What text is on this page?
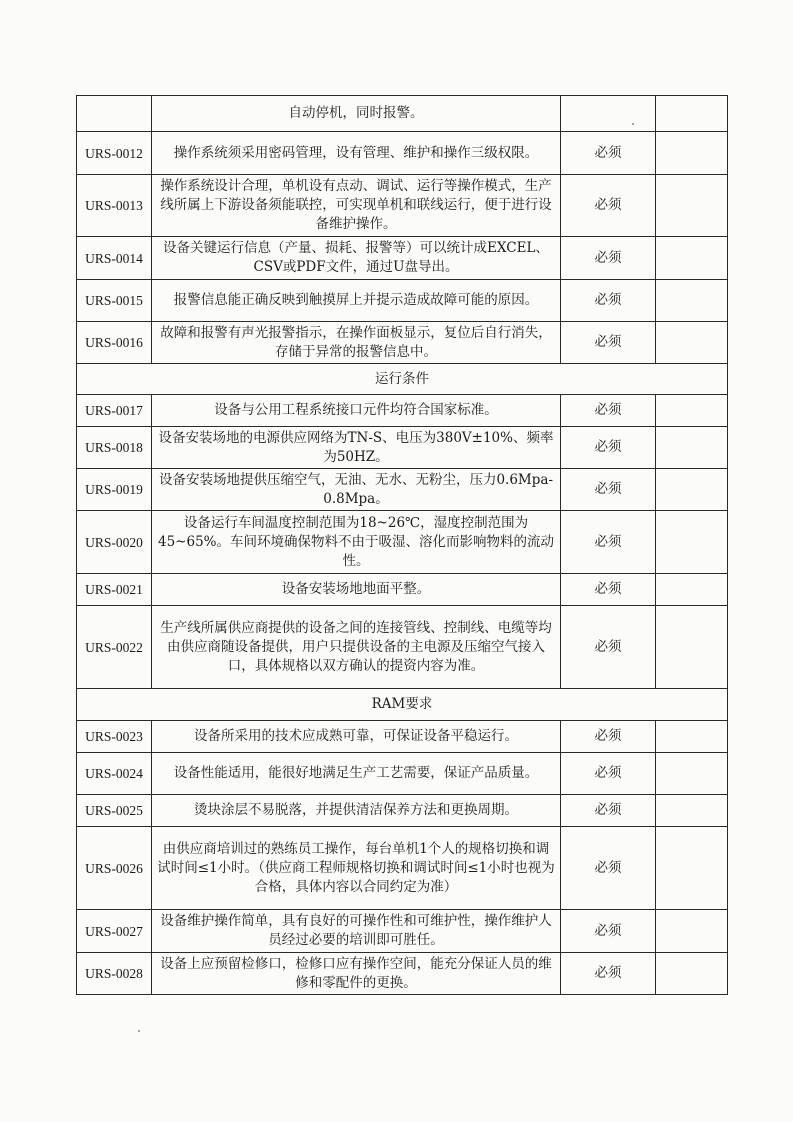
	自动停机，同时报警。		
URS-0012	操作系统须采用密码管理，设有管理、维护和操作三级权限。	必须	
URS-0013	操作系统设计合理，单机设有点动、调试、运行等操作模式，生产线所属上下游设备须能联控，可实现单机和联线运行，便于进行设备维护操作。	必须	
URS-0014	设备关键运行信息（产量、损耗、报警等）可以统计成EXCEL、CSV或PDF文件，通过U盘导出。	必须	
URS-0015	报警信息能正确反映到触摸屏上并提示造成故障可能的原因。	必须	
URS-0016	故障和报警有声光报警指示，在操作面板显示，复位后自行消失，存储于异常的报警信息中。	必须	
运行条件			
URS-0017	设备与公用工程系统接口元件均符合国家标准。	必须	
URS-0018	设备安装场地的电源供应网络为TN-S、电压为380V±10%、频率为50HZ。	必须	
URS-0019	设备安装场地提供压缩空气，无油、无水、无粉尘，压力0.6Mpa-0.8Mpa。	必须	
URS-0020	设备运行车间温度控制范围为18~26℃，湿度控制范围为45~65%。车间环境确保物料不由于吸湿、溶化而影响物料的流动性。	必须	
URS-0021	设备安装场地地面平整。	必须	
URS-0022	生产线所属供应商提供的设备之间的连接管线、控制线、电缆等均由供应商随设备提供，用户只提供设备的主电源及压缩空气接入口，具体规格以双方确认的提资内容为准。	必须	
RAM要求			
URS-0023	设备所采用的技术应成熟可靠，可保证设备平稳运行。	必须	
URS-0024	设备性能适用，能很好地满足生产工艺需要，保证产品质量。	必须	
URS-0025	烫块涂层不易脱落，并提供清洁保养方法和更换周期。	必须	
URS-0026	由供应商培训过的熟练员工操作，每台单机1个人的规格切换和调试时间≤1小时。（供应商工程师规格切换和调试时间≤1小时也视为合格，具体内容以合同约定为准）	必须	
URS-0027	设备维护操作简单，具有良好的可操作性和可维护性，操作维护人员经过必要的培训即可胜任。	必须	
URS-0028	设备上应预留检修口，检修口应有操作空间，能充分保证人员的维修和零配件的更换。	必须	
